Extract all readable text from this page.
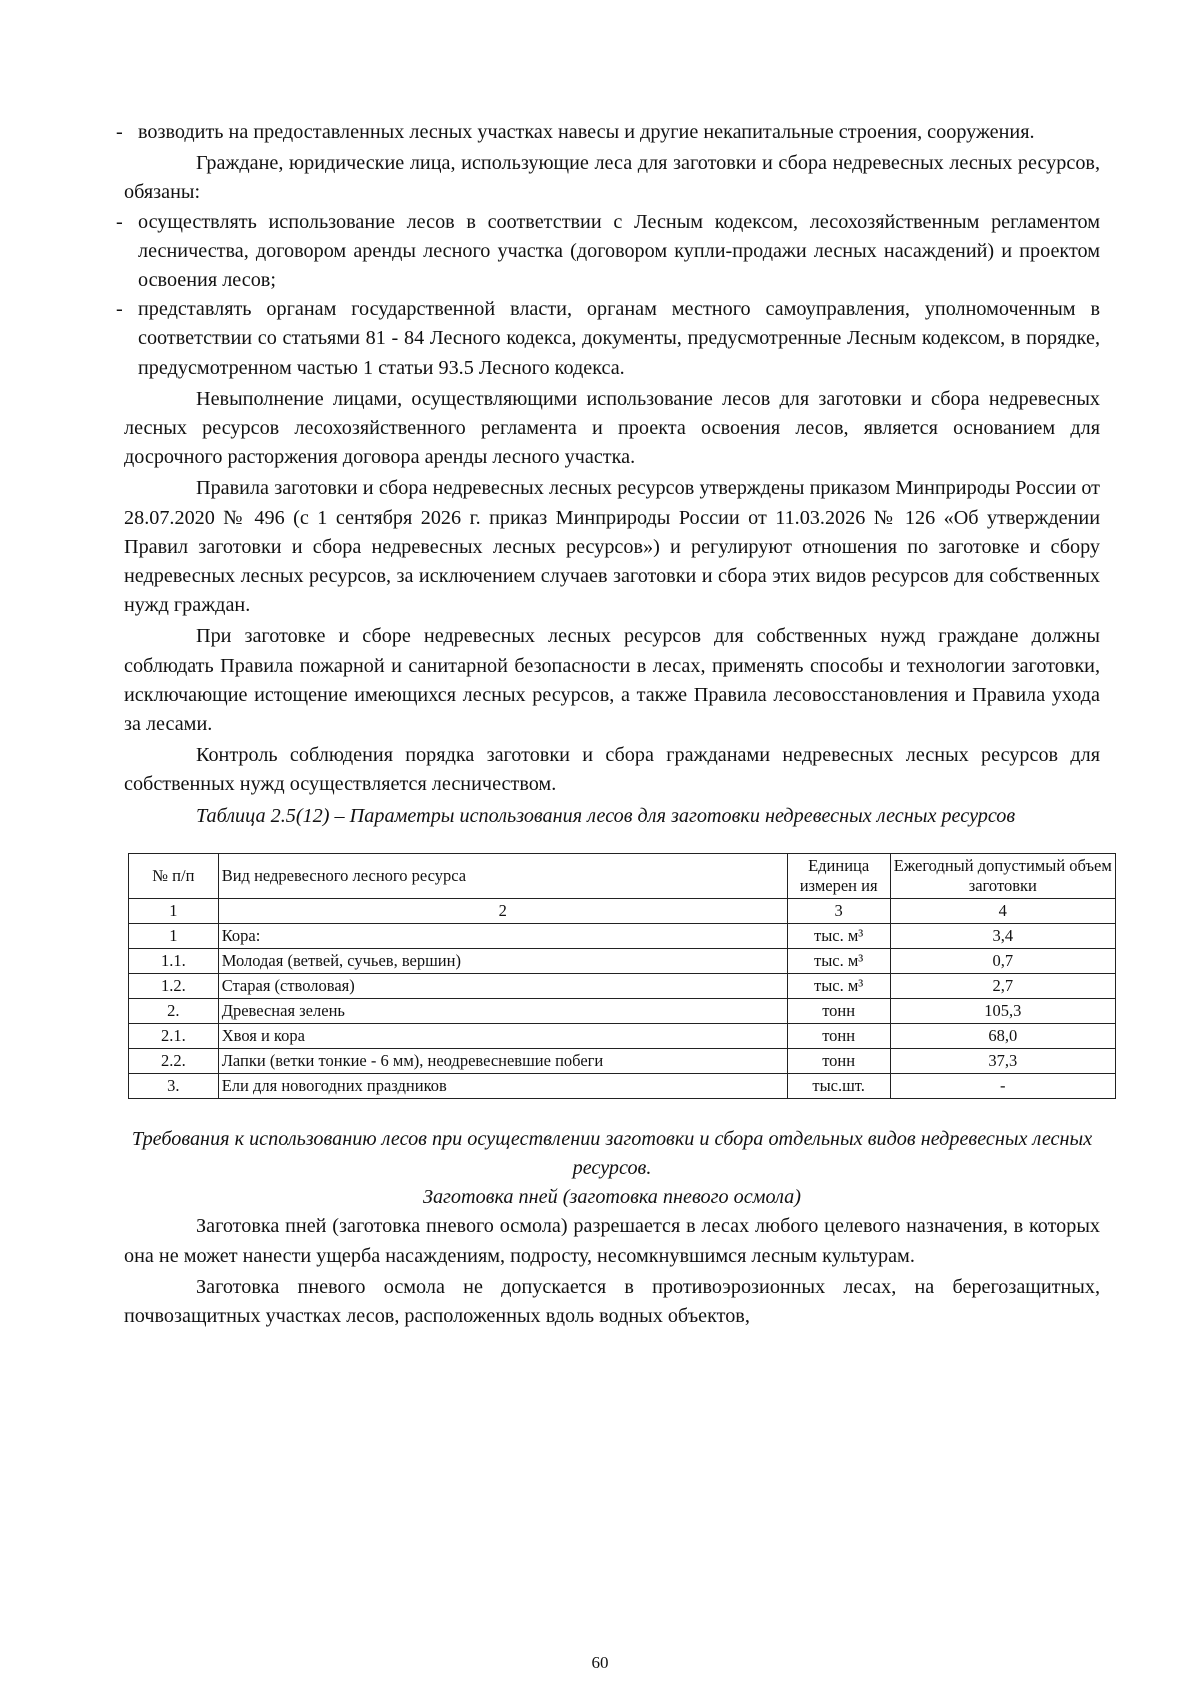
- возводить на предоставленных лесных участках навесы и другие некапитальные строения, сооружения.

Граждане, юридические лица, использующие леса для заготовки и сбора недревесных лесных ресурсов, обязаны:

- осуществлять использование лесов в соответствии с Лесным кодексом, лесохозяйственным регламентом лесничества, договором аренды лесного участка (договором купли-продажи лесных насаждений) и проектом освоения лесов;
- представлять органам государственной власти, органам местного самоуправления, уполномоченным в соответствии со статьями 81 - 84 Лесного кодекса, документы, предусмотренные Лесным кодексом, в порядке, предусмотренном частью 1 статьи 93.5 Лесного кодекса.

Невыполнение лицами, осуществляющими использование лесов для заготовки и сбора недревесных лесных ресурсов лесохозяйственного регламента и проекта освоения лесов, является основанием для досрочного расторжения договора аренды лесного участка.

Правила заготовки и сбора недревесных лесных ресурсов утверждены приказом Минприроды России от 28.07.2020 № 496 (с 1 сентября 2026 г. приказ Минприроды России от 11.03.2026 № 126 «Об утверждении Правил заготовки и сбора недревесных лесных ресурсов») и регулируют отношения по заготовке и сбору недревесных лесных ресурсов, за исключением случаев заготовки и сбора этих видов ресурсов для собственных нужд граждан.

При заготовке и сборе недревесных лесных ресурсов для собственных нужд граждане должны соблюдать Правила пожарной и санитарной безопасности в лесах, применять способы и технологии заготовки, исключающие истощение имеющихся лесных ресурсов, а также Правила лесовосстановления и Правила ухода за лесами.

Контроль соблюдения порядка заготовки и сбора гражданами недревесных лесных ресурсов для собственных нужд осуществляется лесничеством.

Таблица 2.5(12) – Параметры использования лесов для заготовки недревесных лесных ресурсов

№ п/п	Вид недревесного лесного ресурса	Единица измерен ия	Ежегодный допустимый объем заготовки
1	2	3	4
1	Кора:	тыс. м³	3,4
1.1.	Молодая (ветвей, сучьев, вершин)	тыс. м³	0,7
1.2.	Старая (стволовая)	тыс. м³	2,7
2.	Древесная зелень	тонн	105,3
2.1.	Хвоя и кора	тонн	68,0
2.2.	Лапки (ветки тонкие - 6 мм), неодревесневшие побеги	тонн	37,3
3.	Ели для новогодних праздников	тыс.шт.	-

Требования к использованию лесов при осуществлении заготовки и сбора отдельных видов недревесных лесных ресурсов.

Заготовка пней (заготовка пневого осмола)

Заготовка пней (заготовка пневого осмола) разрешается в лесах любого целевого назначения, в которых она не может нанести ущерба насаждениям, подросту, несомкнувшимся лесным культурам.

Заготовка пневого осмола не допускается в противоэрозионных лесах, на берегозащитных, почвозащитных участках лесов, расположенных вдоль водных объектов,

60
